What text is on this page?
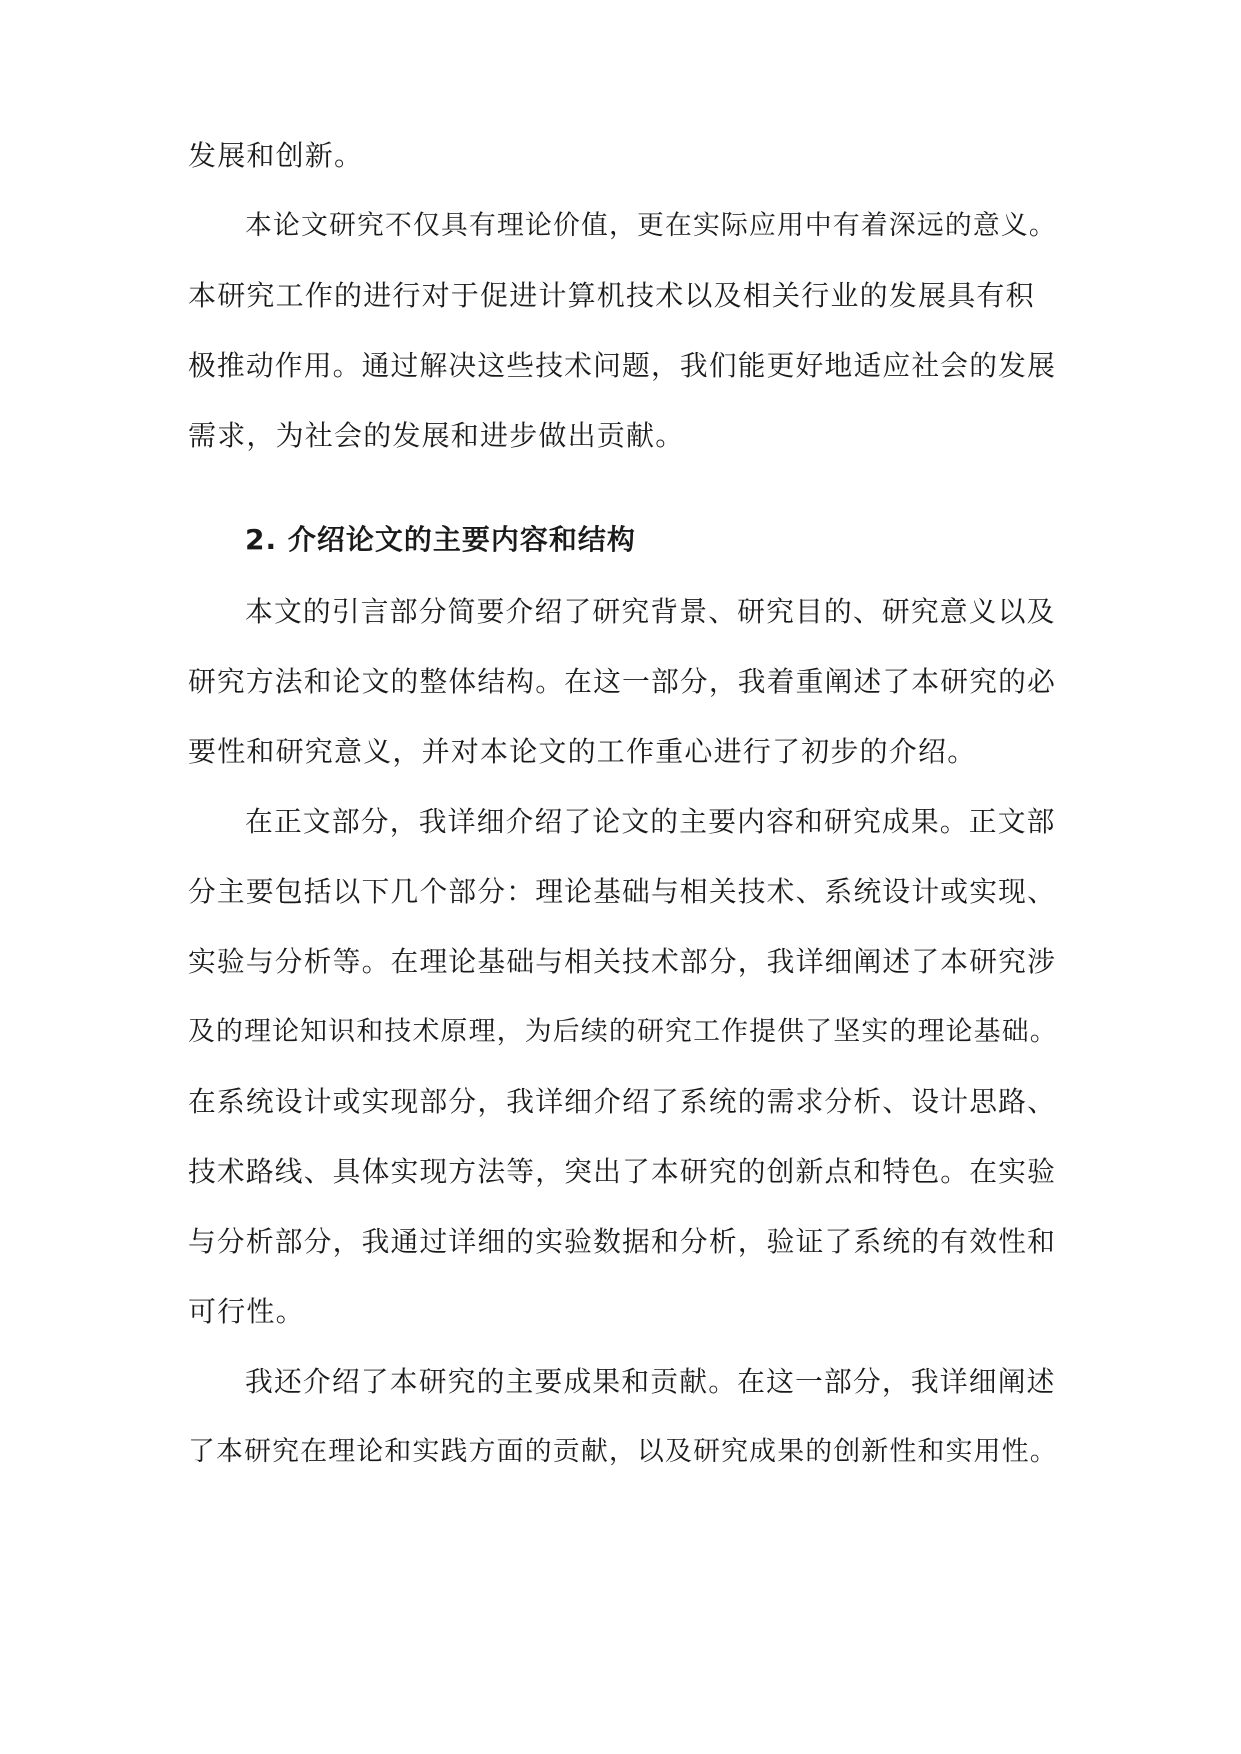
发展和创新。
本论文研究不仅具有理论价值，更在实际应用中有着深远的意义。
本研究工作的进行对于促进计算机技术以及相关行业的发展具有积
极推动作用。通过解决这些技术问题，我们能更好地适应社会的发展
需求，为社会的发展和进步做出贡献。
2. 介绍论文的主要内容和结构
本文的引言部分简要介绍了研究背景、研究目的、研究意义以及
研究方法和论文的整体结构。在这一部分，我着重阐述了本研究的必
要性和研究意义，并对本论文的工作重心进行了初步的介绍。
在正文部分，我详细介绍了论文的主要内容和研究成果。正文部
分主要包括以下几个部分：理论基础与相关技术、系统设计或实现、
实验与分析等。在理论基础与相关技术部分，我详细阐述了本研究涉
及的理论知识和技术原理，为后续的研究工作提供了坚实的理论基础。
在系统设计或实现部分，我详细介绍了系统的需求分析、设计思路、
技术路线、具体实现方法等，突出了本研究的创新点和特色。在实验
与分析部分，我通过详细的实验数据和分析，验证了系统的有效性和
可行性。
我还介绍了本研究的主要成果和贡献。在这一部分，我详细阐述
了本研究在理论和实践方面的贡献，以及研究成果的创新性和实用性。
